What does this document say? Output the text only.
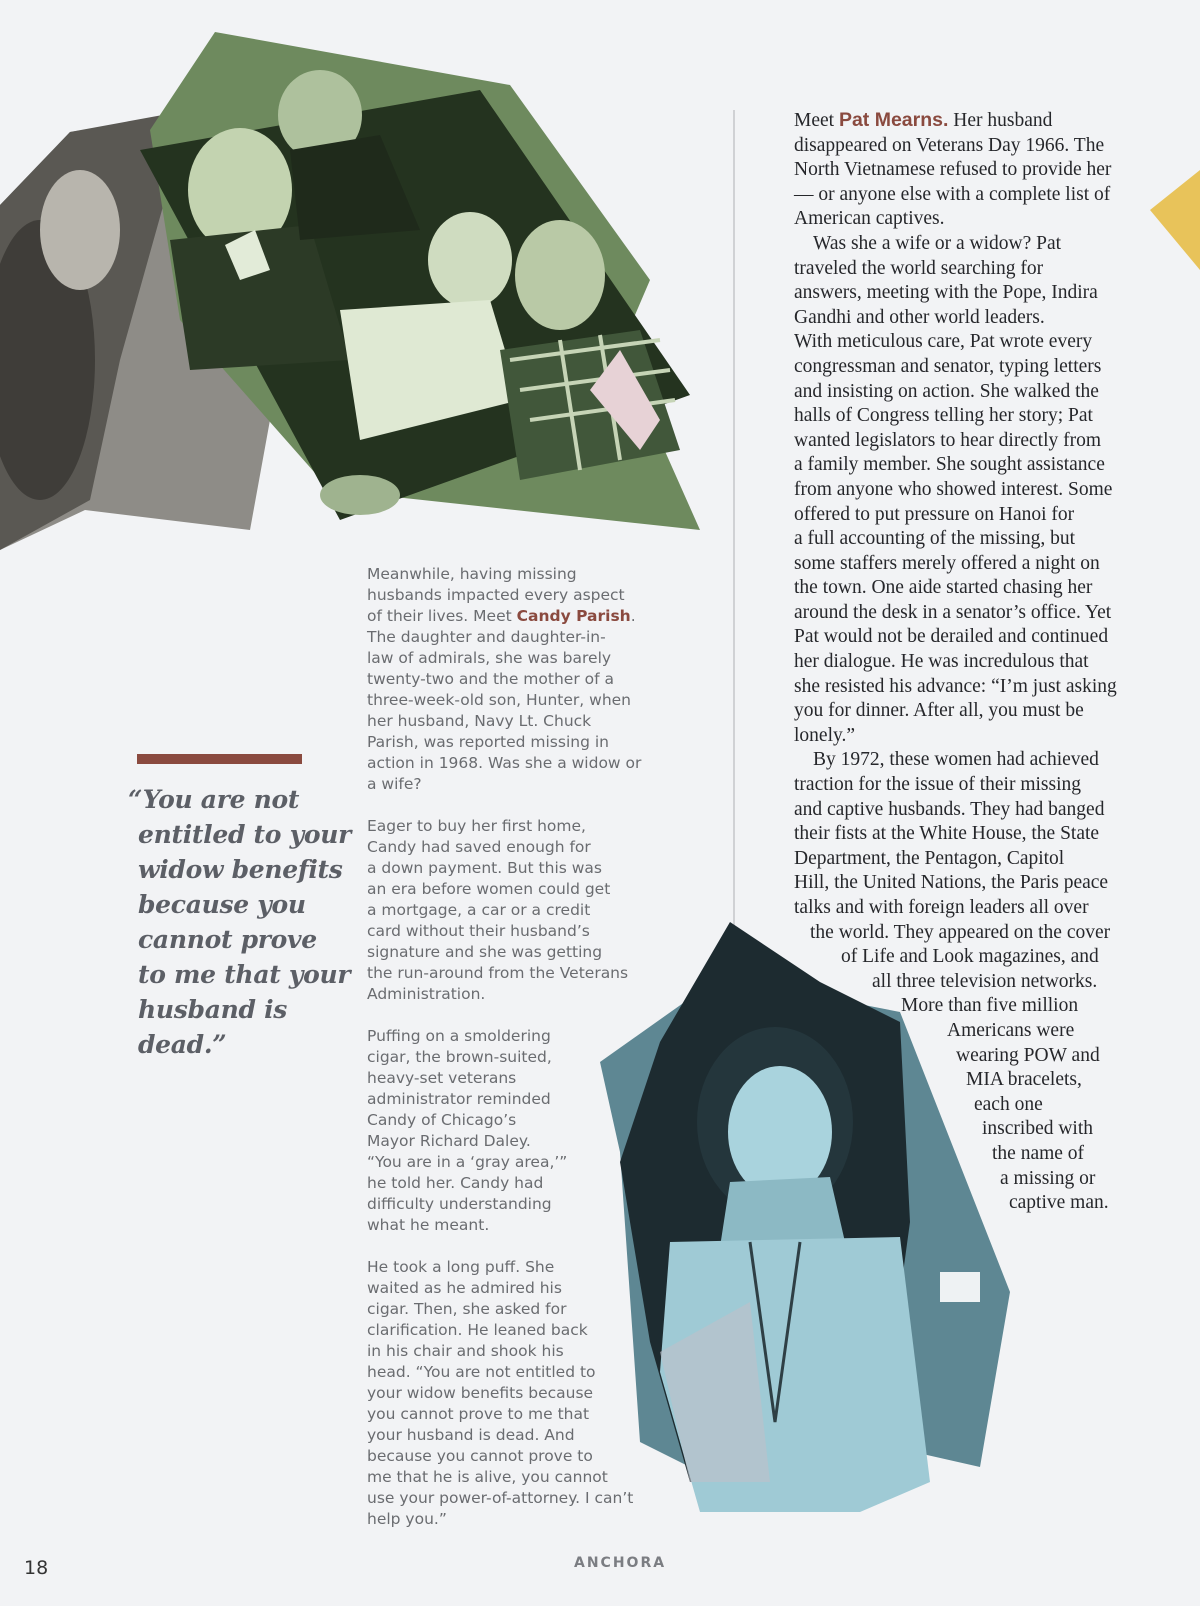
“You are not
entitled to your
widow benefits
because you
cannot prove
to me that your
husband is
dead.”

Meanwhile, having missing
husbands impacted every aspect
of their lives. Meet Candy Parish.
The daughter and daughter-in-
law of admirals, she was barely
twenty-two and the mother of a
three-week-old son, Hunter, when
her husband, Navy Lt. Chuck
Parish, was reported missing in
action in 1968. Was she a widow or
a wife?

Eager to buy her first home,
Candy had saved enough for
a down payment. But this was
an era before women could get
a mortgage, a car or a credit
card without their husband’s
signature and she was getting
the run-around from the Veterans
Administration.

Puffing on a smoldering
cigar, the brown-suited,
heavy-set veterans
administrator reminded
Candy of Chicago’s
Mayor Richard Daley.
“You are in a ‘gray area,’”
he told her. Candy had
difficulty understanding
what he meant.

He took a long puff. She
waited as he admired his
cigar. Then, she asked for
clarification. He leaned back
in his chair and shook his
head. “You are not entitled to
your widow benefits because
you cannot prove to me that
your husband is dead. And
because you cannot prove to
me that he is alive, you cannot
use your power-of-attorney. I can’t
help you.”

Meet Pat Mearns. Her husband
disappeared on Veterans Day 1966. The
North Vietnamese refused to provide her
— or anyone else with a complete list of
American captives.
Was she a wife or a widow? Pat
traveled the world searching for
answers, meeting with the Pope, Indira
Gandhi and other world leaders.
With meticulous care, Pat wrote every
congressman and senator, typing letters
and insisting on action. She walked the
halls of Congress telling her story; Pat
wanted legislators to hear directly from
a family member. She sought assistance
from anyone who showed interest. Some
offered to put pressure on Hanoi for
a full accounting of the missing, but
some staffers merely offered a night on
the town. One aide started chasing her
around the desk in a senator’s office. Yet
Pat would not be derailed and continued
her dialogue. He was incredulous that
she resisted his advance: “I’m just asking
you for dinner. After all, you must be
lonely.”
By 1972, these women had achieved
traction for the issue of their missing
and captive husbands. They had banged
their fists at the White House, the State
Department, the Pentagon, Capitol
Hill, the United Nations, the Paris peace
talks and with foreign leaders all over
the world. They appeared on the cover
of Life and Look magazines, and
all three television networks.
More than five million
Americans were
wearing POW and
MIA bracelets,
each one
inscribed with
the name of
a missing or
captive man.
18	ANCHORA
